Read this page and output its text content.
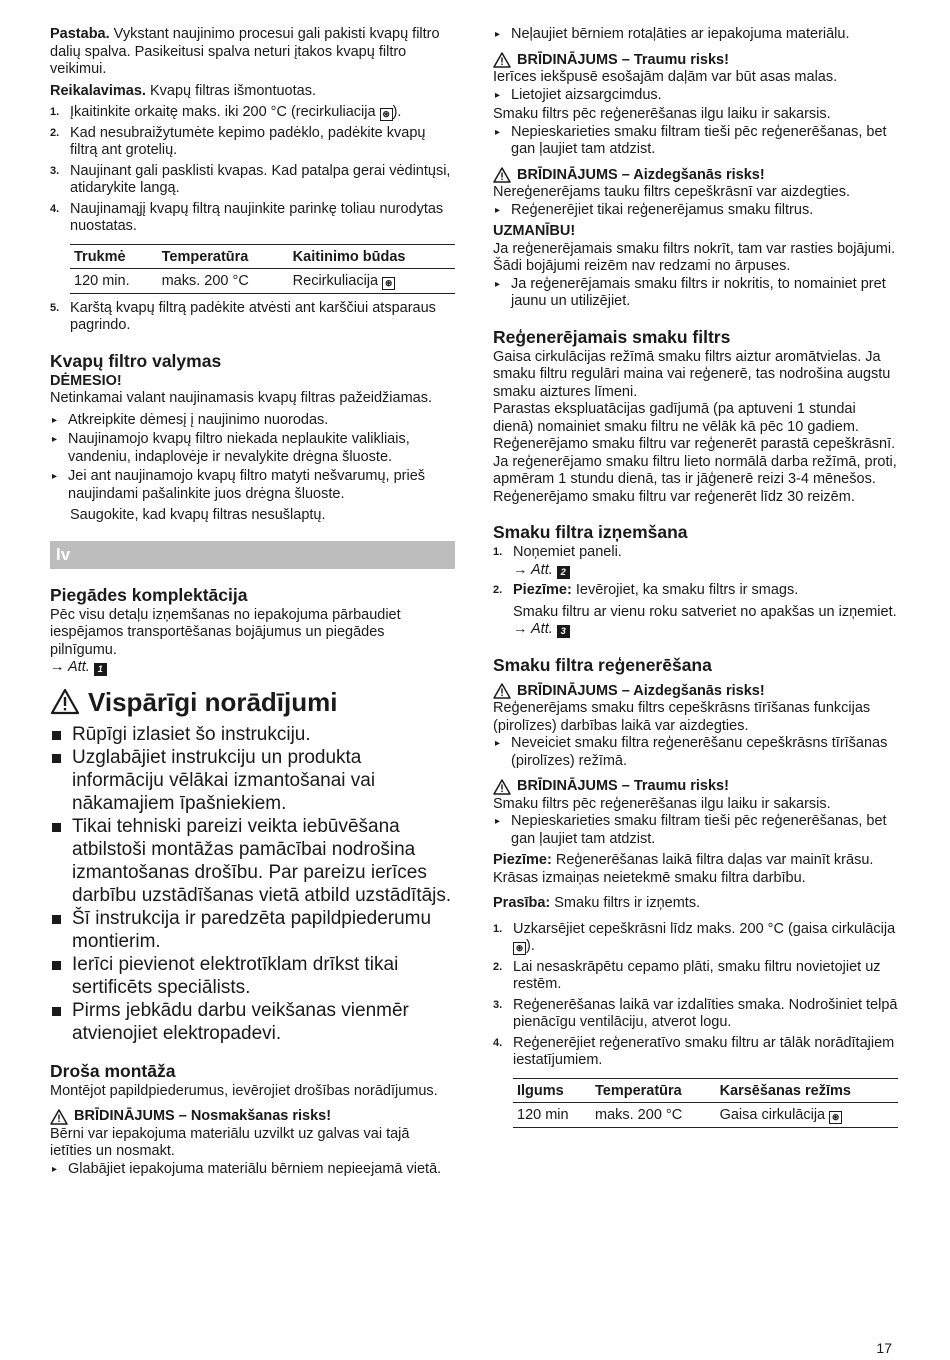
Pastaba. Vykstant naujinimo procesui gali pakisti kvapų filtro dalių spalva. Pasikeitusi spalva neturi įtakos kvapų filtro veikimui.

Reikalavimas. Kvapų filtras išmontuotas.

1. Įkaitinkite orkaitę maks. iki 200 °C (recirkuliacija ⊛ ).
2. Kad nesubraižytumėte kepimo padėklo, padėkite kvapų filtrą ant grotelių.
3. Naujinant gali pasklisti kvapas. Kad patalpa gerai vėdintųsi, atidarykite langą.
4. Naujinamąjį kvapų filtrą naujinkite parinkę toliau nurodytas nuostatas.
Trukmė	Temperatūra	Kaitinimo būdas
120 min.	maks. 200 °C	Recirkuliacija ⊛
5. Karštą kvapų filtrą padėkite atvėsti ant karščiui atsparaus pagrindo.
Kvapų filtro valymas

DĖMESIO!

Netinkamai valant naujinamasis kvapų filtras pažeidžiamas.

▸ Atkreipkite dėmesį į naujinimo nuorodas.
▸ Naujinamojo kvapų filtro niekada neplaukite valikliais, vandeniu, indaplovėje ir nevalykite drėgna šluoste.
▸ Jei ant naujinamojo kvapų filtro matyti nešvarumų, prieš naujindami pašalinkite juos drėgna šluoste.

Saugokite, kad kvapų filtras nesušlaptų.

lv
Piegādes komplektācija

Pēc visu detaļu izņemšanas no iepakojuma pārbaudiet iespējamos transportēšanas bojājumus un piegādes pilnīgumu.

→ Att. 1

Vispārīgi norādījumi
Rūpīgi izlasiet šo instrukciju.
Uzglabājiet instrukciju un produkta informāciju vēlākai izmantošanai vai nākamajiem īpašniekiem.
Tikai tehniski pareizi veikta iebūvēšana atbilstoši montāžas pamācībai nodrošina izmantošanas drošību. Par pareizu ierīces darbību uzstādīšanas vietā atbild uzstādītājs.
Šī instrukcija ir paredzēta papildpiederumu montierim.
Ierīci pievienot elektrotīklam drīkst tikai sertificēts speciālists.
Pirms jebkādu darbu veikšanas vienmēr atvienojiet elektropadevi.
Droša montāža

Montējot papildpiederumus, ievērojiet drošības norādījumus.

BRĪDINĀJUMS – Nosmakšanas risks!

Bērni var iepakojuma materiālu uzvilkt uz galvas vai tajā ietīties un nosmakt.

▸ Glabājiet iepakojuma materiālu bērniem nepieejamā vietā.
▸ Neļaujiet bērniem rotaļāties ar iepakojuma materiālu.
BRĪDINĀJUMS – Traumu risks!

Ierīces iekšpusē esošajām daļām var būt asas malas.

▸ Lietojiet aizsargcimdus.

Smaku filtrs pēc reģenerēšanas ilgu laiku ir sakarsis.

▸ Nepieskarieties smaku filtram tieši pēc reģenerēšanas, bet gan ļaujiet tam atdzist.
BRĪDINĀJUMS – Aizdegšanās risks!

Nereģenerējams tauku filtrs cepeškrāsnī var aizdegties.

▸ Reģenerējiet tikai reģenerējamus smaku filtrus.

UZMANĪBU!

Ja reģenerējamais smaku filtrs nokrīt, tam var rasties bojājumi. Šādi bojājumi reizēm nav redzami no ārpuses.

▸ Ja reģenerējamais smaku filtrs ir nokritis, to nomainiet pret jaunu un utilizējiet.
Reģenerējamais smaku filtrs

Gaisa cirkulācijas režīmā smaku filtrs aiztur aromātvielas. Ja smaku filtru regulāri maina vai reģenerē, tas nodrošina augstu smaku aiztures līmeni.

Parastas ekspluatācijas gadījumā (pa aptuveni 1 stundai dienā) nomainiet smaku filtru ne vēlāk kā pēc 10 gadiem.

Reģenerējamo smaku filtru var reģenerēt parastā cepeškrāsnī.

Ja reģenerējamo smaku filtru lieto normālā darba režīmā, proti, apmēram 1 stundu dienā, tas ir jāģenerē reizi 3-4 mēnešos. Reģenerējamo smaku filtru var reģenerēt līdz 30 reizēm.

Smaku filtra izņemšana
1. Noņemiet paneli.
→ Att. 2
2. Piezīme: Ievērojiet, ka smaku filtrs ir smags.
Smaku filtru ar vienu roku satveriet no apakšas un izņemiet.
→ Att. 3
Smaku filtra reģenerēšana
BRĪDINĀJUMS – Aizdegšanās risks!

Reģenerējams smaku filtrs cepeškrāsns tīrīšanas funkcijas (pirolīzes) darbības laikā var aizdegties.

▸ Neveiciet smaku filtra reģenerēšanu cepeškrāsns tīrīšanas (pirolīzes) režīmā.
BRĪDINĀJUMS – Traumu risks!

Smaku filtrs pēc reģenerēšanas ilgu laiku ir sakarsis.

▸ Nepieskarieties smaku filtram tieši pēc reģenerēšanas, bet gan ļaujiet tam atdzist.

Piezīme: Reģenerēšanas laikā filtra daļas var mainīt krāsu. Krāsas izmaiņas neietekmē smaku filtra darbību.

Prasība: Smaku filtrs ir izņemts.

1. Uzkarsējiet cepeškrāsni līdz maks. 200 °C (gaisa cirkulācija ⊛ ).
2. Lai nesaskrāpētu cepamo plāti, smaku filtru novietojiet uz restēm.
3. Reģenerēšanas laikā var izdalīties smaka. Nodrošiniet telpā pienācīgu ventilāciju, atverot logu.
4. Reģenerējiet reģeneratīvo smaku filtru ar tālāk norādītajiem iestatījumiem.
Ilgums	Temperatūra	Karsēšanas režīms
120 min	maks. 200 °C	Gaisa cirkulācija ⊛
17
